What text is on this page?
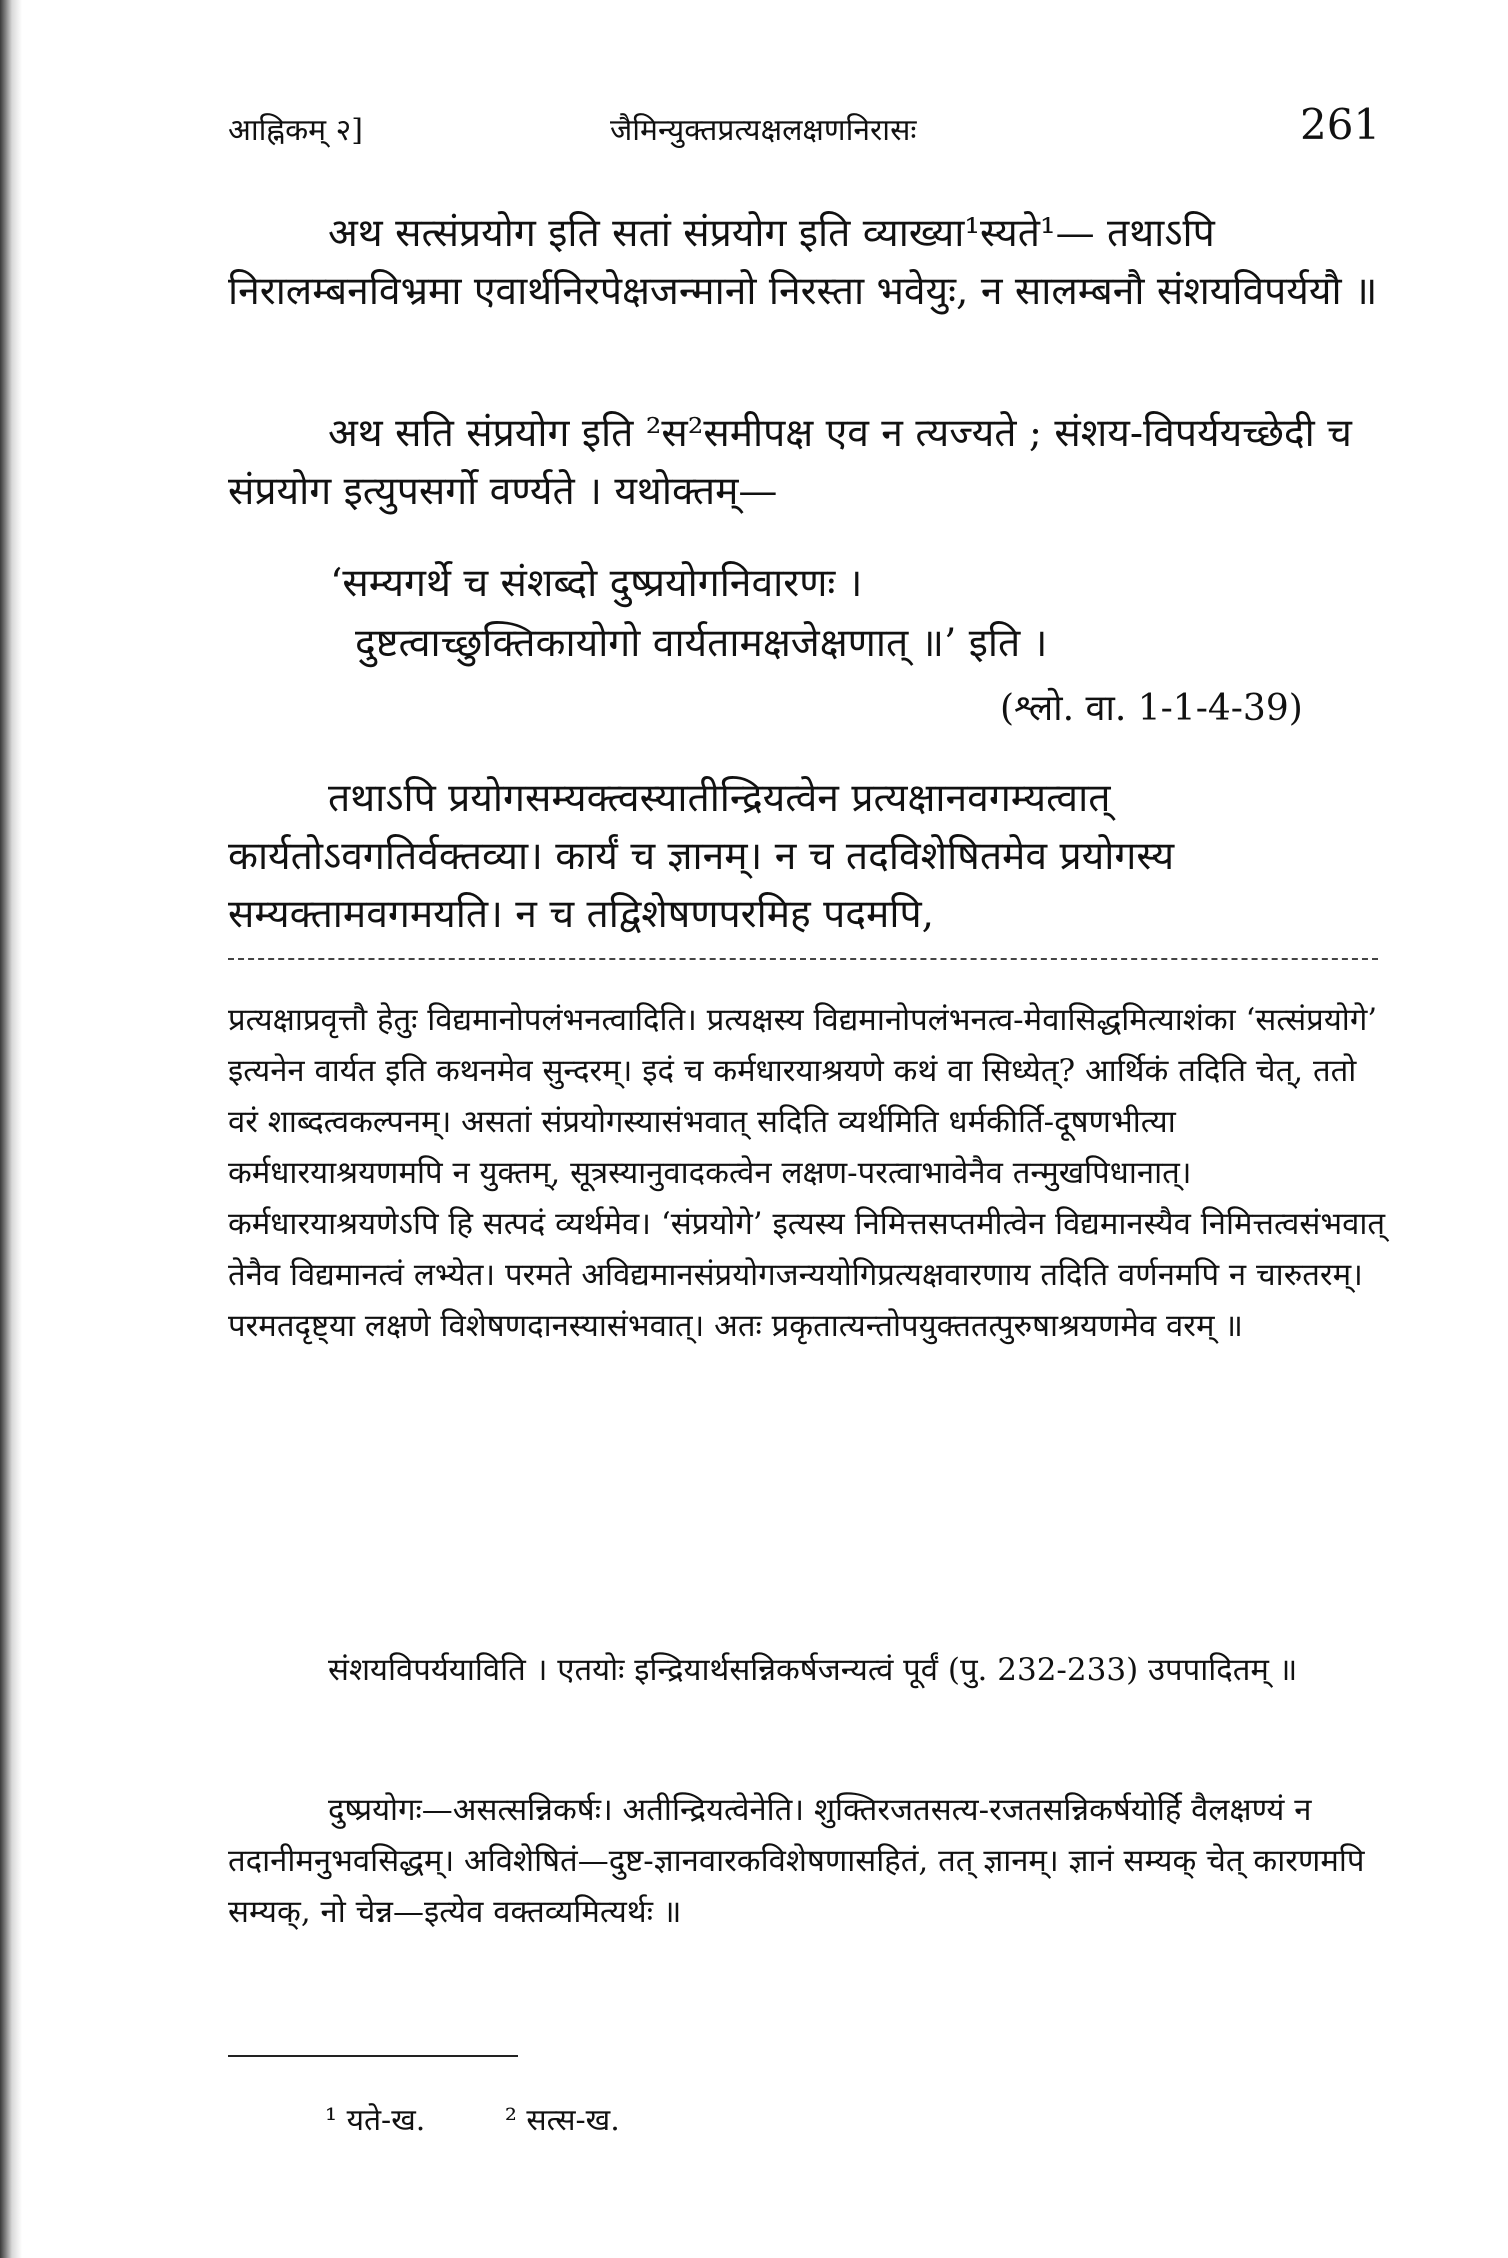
आह्निकम् २]	जैमिन्युक्तप्रत्यक्षलक्षणनिरासः	261

अथ सत्संप्रयोग इति सतां संप्रयोग इति व्याख्या¹स्यते¹— तथाऽपि निरालम्बनविभ्रमा एवार्थनिरपेक्षजन्मानो निरस्ता भवेयुः, न सालम्बनौ संशयविपर्ययौ ॥

अथ सति संप्रयोग इति ²स²समीपक्ष एव न त्यज्यते ; संशय-विपर्ययच्छेदी च संप्रयोग इत्युपसर्गो वर्ण्यते । यथोक्तम्—

‘सम्यगर्थे च संशब्दो दुष्प्रयोगनिवारणः ।
दुष्टत्वाच्छुक्तिकायोगो वार्यतामक्षजेक्षणात् ॥’ इति ।
(श्लो. वा. 1-1-4-39)

तथाऽपि प्रयोगसम्यक्त्वस्यातीन्द्रियत्वेन प्रत्यक्षानवगम्यत्वात् कार्यतोऽवगतिर्वक्तव्या। कार्यं च ज्ञानम्। न च तदविशेषितमेव प्रयोगस्य सम्यक्तामवगमयति। न च तद्विशेषणपरमिह पदमपि,

प्रत्यक्षाप्रवृत्तौ हेतुः विद्यमानोपलंभनत्वादिति। प्रत्यक्षस्य विद्यमानोपलंभनत्व-मेवासिद्धमित्याशंका ‘सत्संप्रयोगे’ इत्यनेन वार्यत इति कथनमेव सुन्दरम्। इदं च कर्मधारयाश्रयणे कथं वा सिध्येत्? आर्थिकं तदिति चेत्, ततो वरं शाब्दत्वकल्पनम्। असतां संप्रयोगस्यासंभवात् सदिति व्यर्थमिति धर्मकीर्ति-दूषणभीत्या कर्मधारयाश्रयणमपि न युक्तम्, सूत्रस्यानुवादकत्वेन लक्षण-परत्वाभावेनैव तन्मुखपिधानात्। कर्मधारयाश्रयणेऽपि हि सत्पदं व्यर्थमेव। ‘संप्रयोगे’ इत्यस्य निमित्तसप्तमीत्वेन विद्यमानस्यैव निमित्तत्वसंभवात् तेनैव विद्यमानत्वं लभ्येत। परमते अविद्यमानसंप्रयोगजन्ययोगिप्रत्यक्षवारणाय तदिति वर्णनमपि न चारुतरम्। परमतदृष्ट्या लक्षणे विशेषणदानस्यासंभवात्। अतः प्रकृतात्यन्तोपयुक्ततत्पुरुषाश्रयणमेव वरम् ॥

संशयविपर्ययाविति । एतयोः इन्द्रियार्थसन्निकर्षजन्यत्वं पूर्वं (पु. 232-233) उपपादितम् ॥

दुष्प्रयोगः—असत्सन्निकर्षः। अतीन्द्रियत्वेनेति। शुक्तिरजतसत्य-रजतसन्निकर्षयोर्हि वैलक्षण्यं न तदानीमनुभवसिद्धम्। अविशेषितं—दुष्ट-ज्ञानवारकविशेषणासहितं, तत् ज्ञानम्। ज्ञानं सम्यक् चेत् कारणमपि सम्यक्, नो चेन्न—इत्येव वक्तव्यमित्यर्थः ॥

¹ यते-ख.	² सत्स-ख.
